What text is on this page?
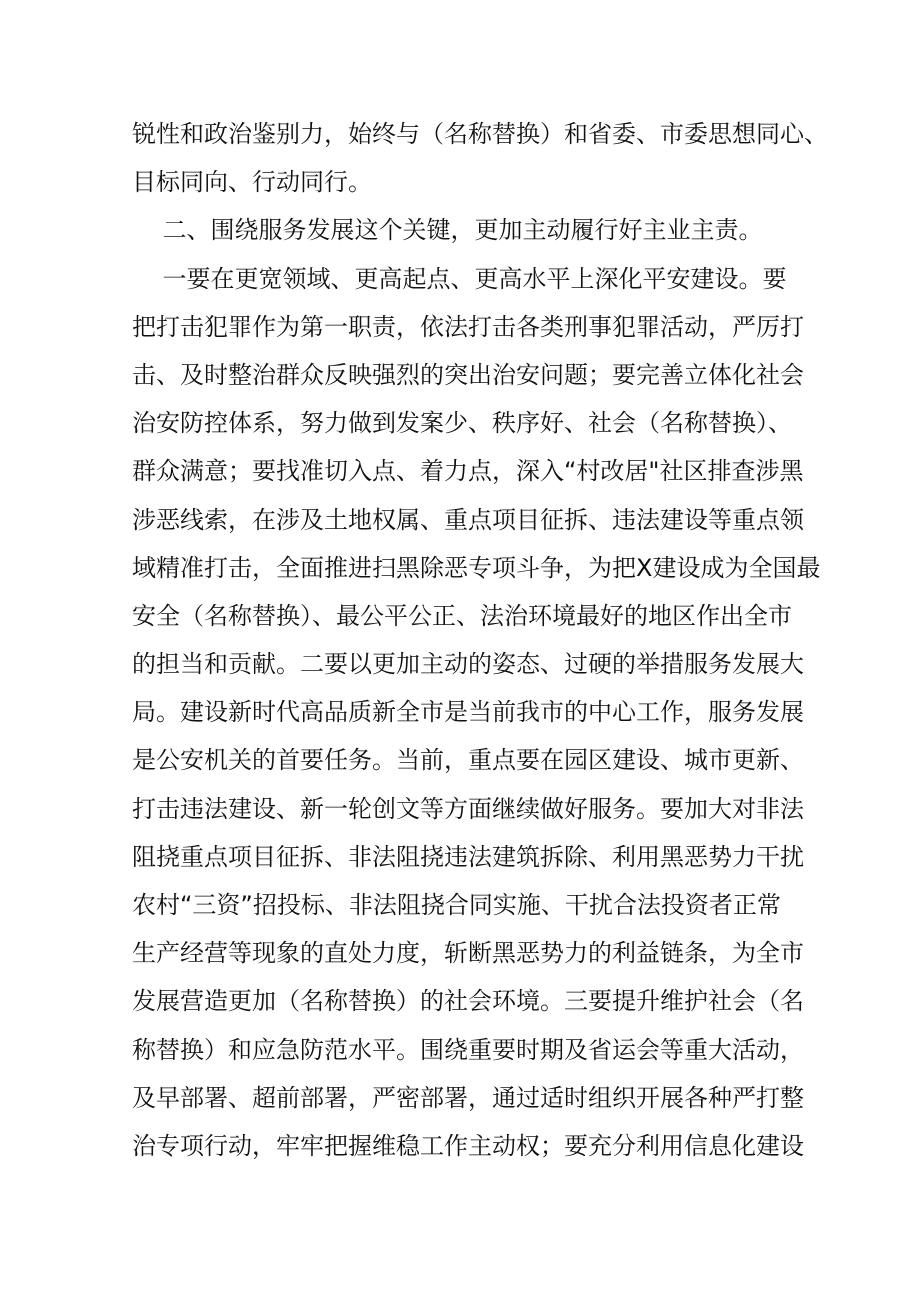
锐性和政治鉴别力，始终与（名称替换）和省委、市委思想同心、
目标同向、行动同行。
二、围绕服务发展这个关键，更加主动履行好主业主责。
一要在更宽领域、更高起点、更高水平上深化平安建设。要
把打击犯罪作为第一职责，依法打击各类刑事犯罪活动，严厉打
击、及时整治群众反映强烈的突出治安问题；要完善立体化社会
治安防控体系，努力做到发案少、秩序好、社会（名称替换）、
群众满意；要找准切入点、着力点，深入“村改居"社区排查涉黑
涉恶线索，在涉及土地权属、重点项目征拆、违法建设等重点领
域精准打击，全面推进扫黑除恶专项斗争，为把X建设成为全国最
安全（名称替换）、最公平公正、法治环境最好的地区作出全市
的担当和贡献。二要以更加主动的姿态、过硬的举措服务发展大
局。建设新时代高品质新全市是当前我市的中心工作，服务发展
是公安机关的首要任务。当前，重点要在园区建设、城市更新、
打击违法建设、新一轮创文等方面继续做好服务。要加大对非法
阻挠重点项目征拆、非法阻挠违法建筑拆除、利用黑恶势力干扰
农村“三资”招投标、非法阻挠合同实施、干扰合法投资者正常
生产经营等现象的直处力度，斩断黑恶势力的利益链条，为全市
发展营造更加（名称替换）的社会环境。三要提升维护社会（名
称替换）和应急防范水平。围绕重要时期及省运会等重大活动，
及早部署、超前部署，严密部署，通过适时组织开展各种严打整
治专项行动，牢牢把握维稳工作主动权；要充分利用信息化建设
